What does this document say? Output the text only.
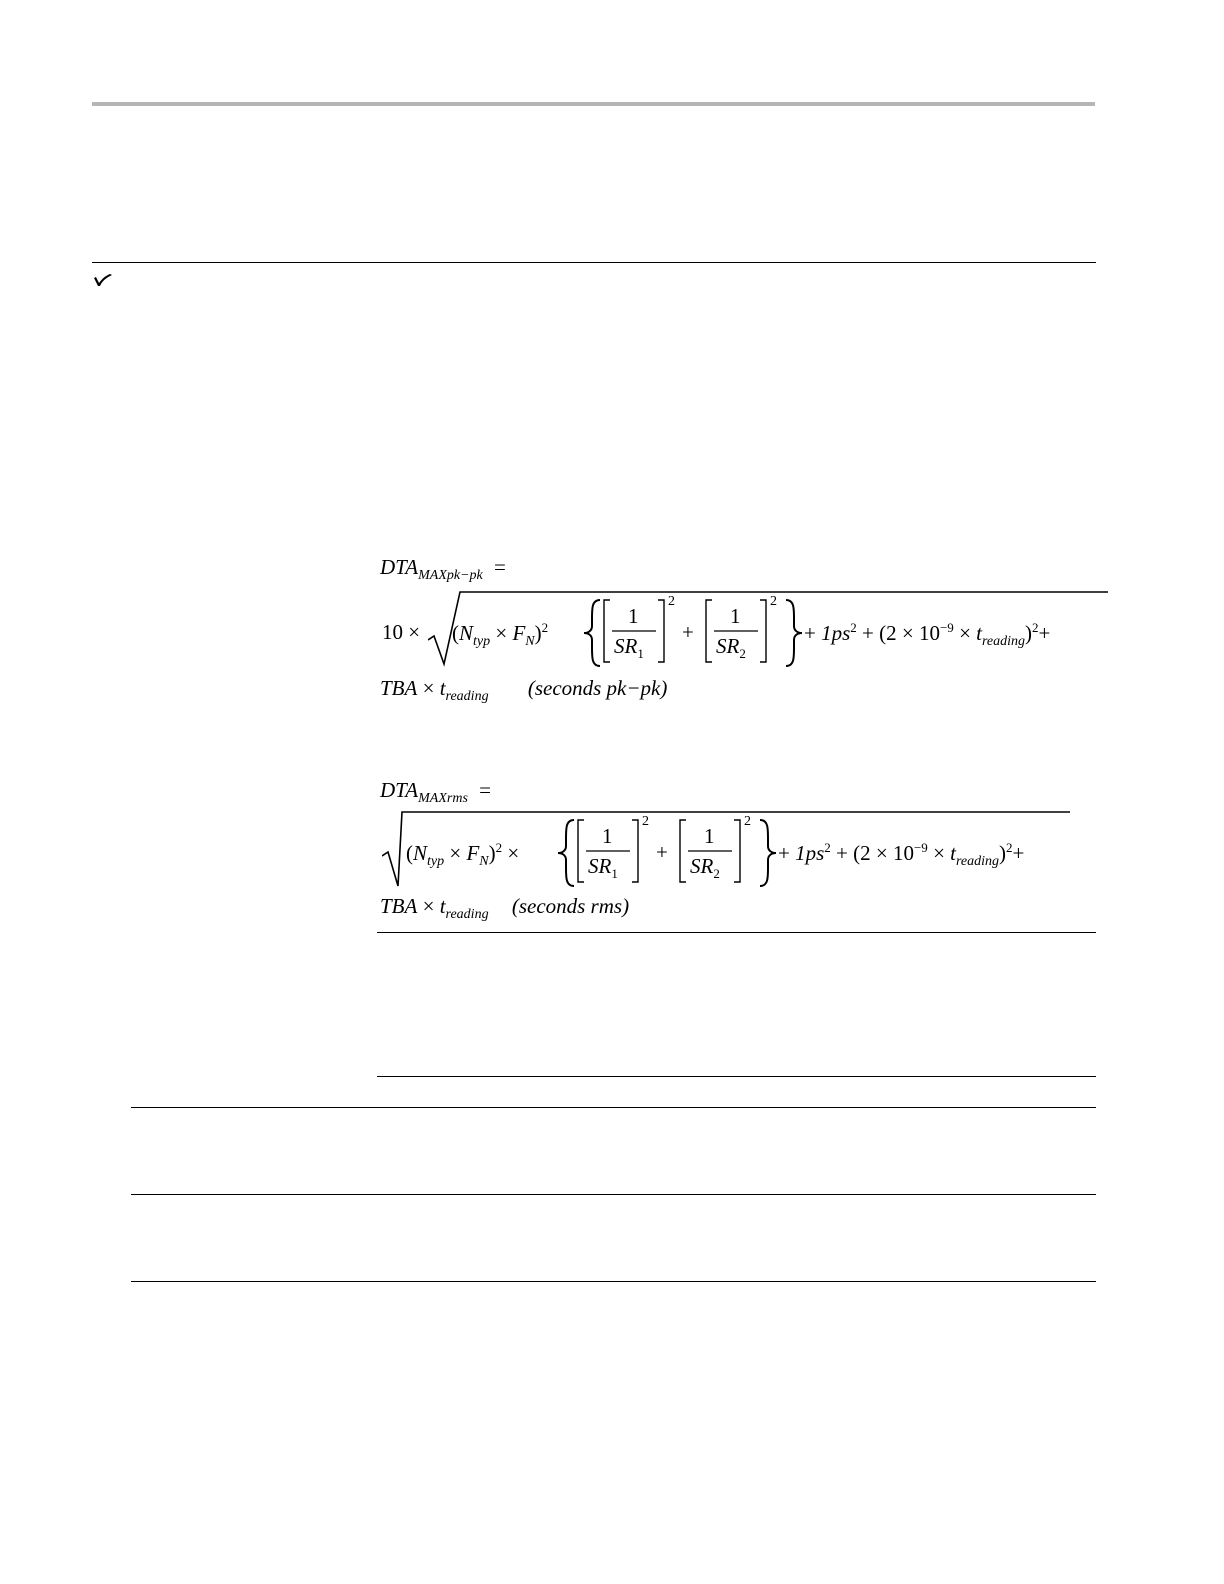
$DTA_{MAXpk-pk}$ =
$10 \times (N_{typ} \times F_N)^2$	1
$SR_1$
2
+
1
$SR_2$
2
+ $1ps^2 + (2 \times 10^{-9} \times t_{reading})^2+$
TBA × $t_{reading}$ (seconds pk−pk)
$DTA_{MAXrms}$ =
$(N_{typ} \times F_N)^2$ ×
1
$SR_1$
2
+
1
$SR_2$
2
+ $1ps^2 + (2 \times 10^{-9} \times t_{reading})^2+$
TBA × $t_{reading}$ (seconds rms)
